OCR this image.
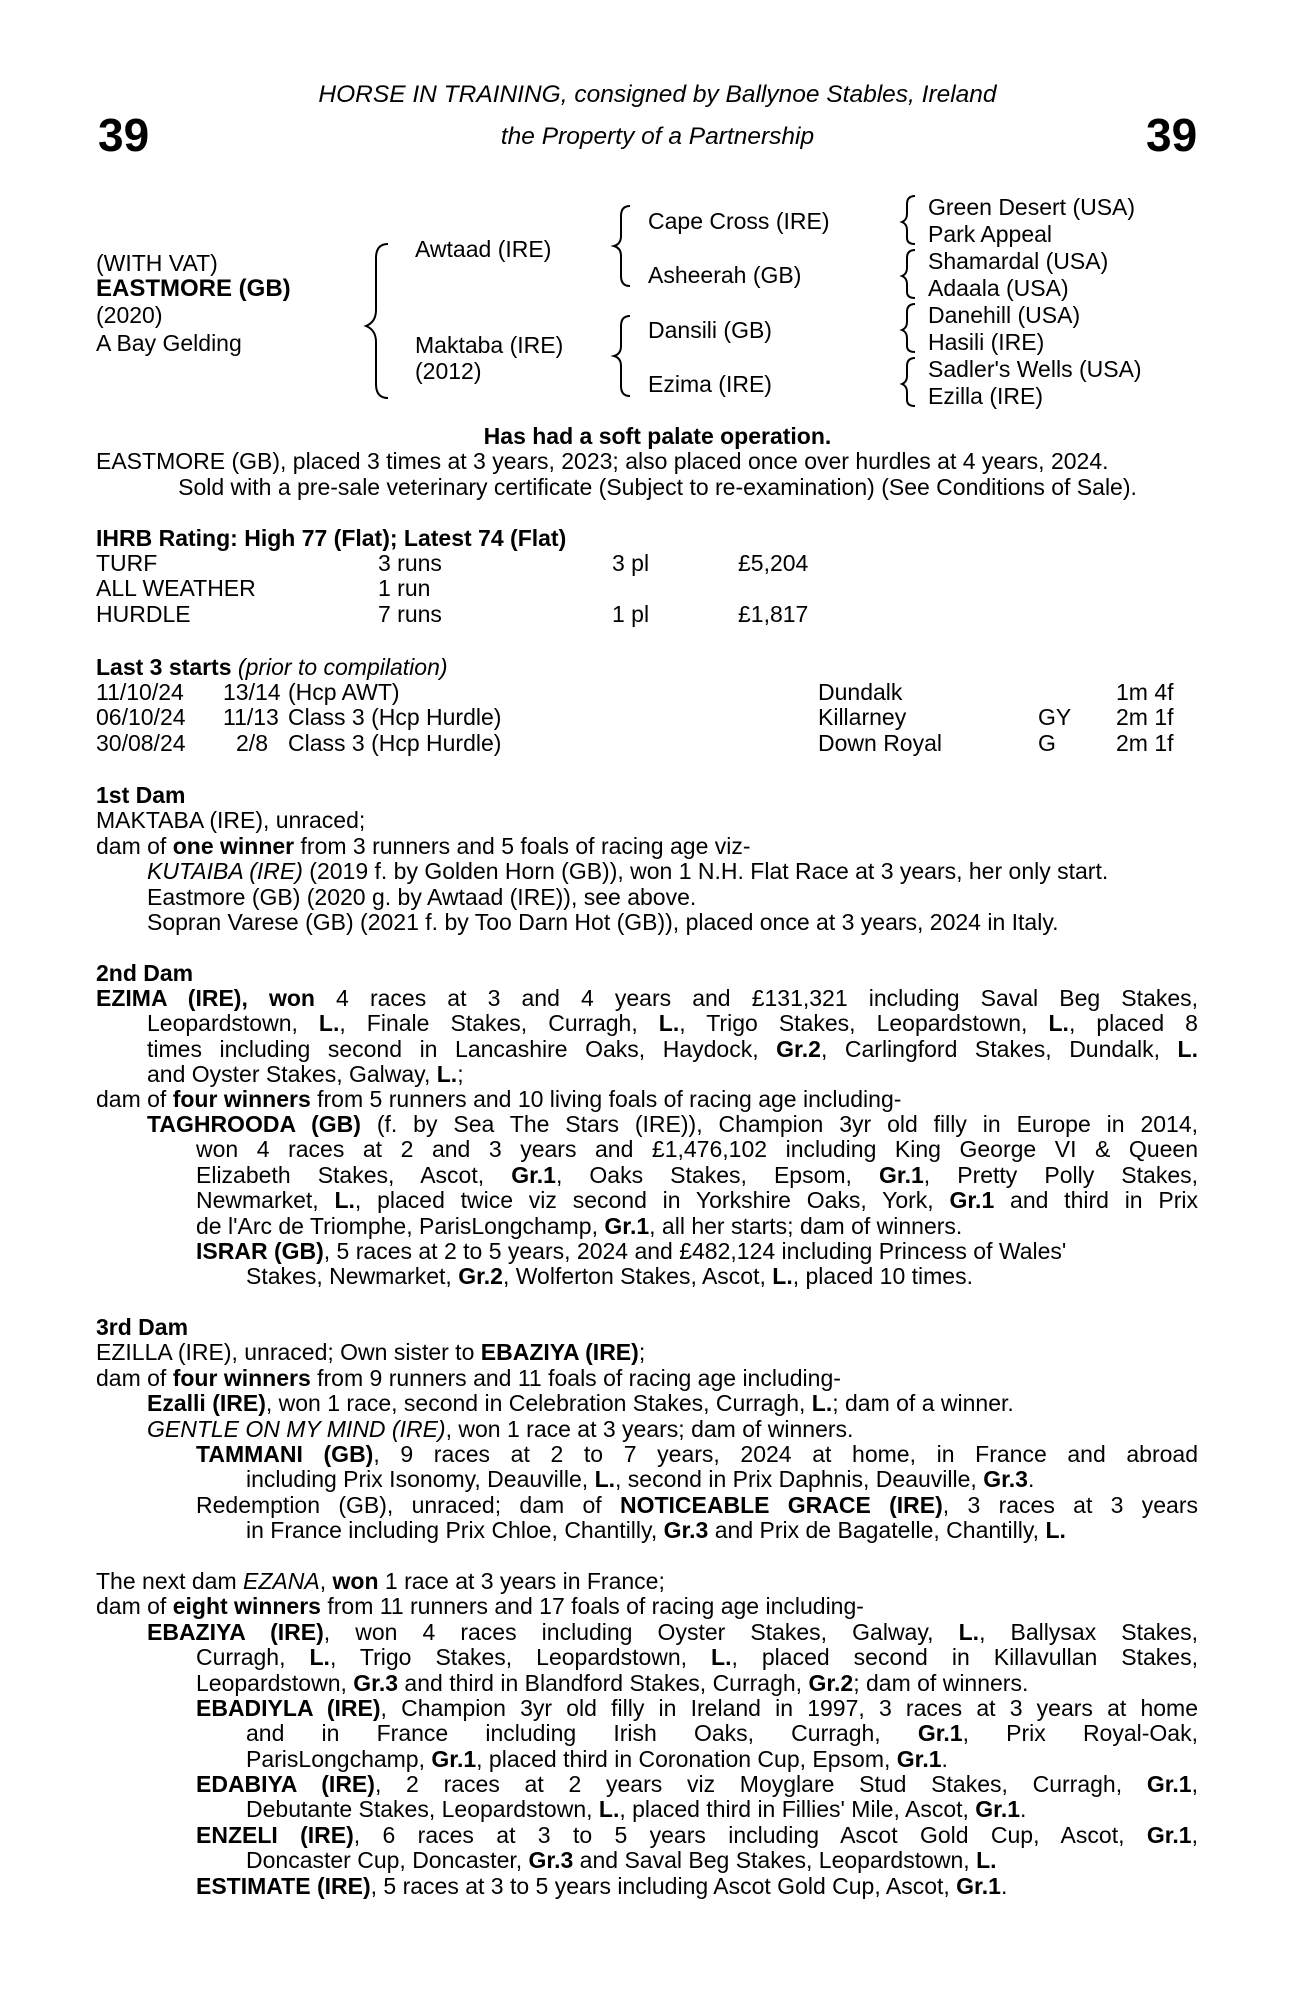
39	39
HORSE IN TRAINING, consigned by Ballynoe Stables, Ireland
the Property of a Partnership
(WITH VAT)
EASTMORE (GB)
(2020)
A Bay Gelding
Awtaad (IRE)
Maktaba (IRE)
(2012)
Cape Cross (IRE)
Asheerah (GB)
Dansili (GB)
Ezima (IRE)
Green Desert (USA)
Park Appeal
Shamardal (USA)
Adaala (USA)
Danehill (USA)
Hasili (IRE)
Sadler's Wells (USA)
Ezilla (IRE)
Has had a soft palate operation.
EASTMORE (GB), placed 3 times at 3 years, 2023; also placed once over hurdles at 4 years, 2024.
Sold with a pre-sale veterinary certificate (Subject to re-examination) (See Conditions of Sale).
IHRB Rating: High 77 (Flat); Latest 74 (Flat)
TURF	3 runs	3 pl	£5,204
ALL WEATHER	1 run
HURDLE	7 runs	1 pl	£1,817
Last 3 starts (prior to compilation)
11/10/24 13/14 (Hcp AWT)	Dundalk	1m 4f
06/10/24 11/13 Class 3 (Hcp Hurdle)	Killarney	GY 2m 1f
30/08/24	2/8 Class 3 (Hcp Hurdle)	Down Royal	G	2m 1f
1st Dam
MAKTABA (IRE), unraced;
dam of one winner from 3 runners and 5 foals of racing age viz-
KUTAIBA (IRE) (2019 f. by Golden Horn (GB)), won 1 N.H. Flat Race at 3 years, her only start.
Eastmore (GB) (2020 g. by Awtaad (IRE)), see above.
Sopran Varese (GB) (2021 f. by Too Darn Hot (GB)), placed once at 3 years, 2024 in Italy.
2nd Dam

EZIMA (IRE), won 4 races at 3 and 4 years and £131,321 including Saval Beg Stakes,

Leopardstown, L., Finale Stakes, Curragh, L., Trigo Stakes, Leopardstown, L., placed 8

times including second in Lancashire Oaks, Haydock, Gr.2, Carlingford Stakes, Dundalk, L.

and Oyster Stakes, Galway, L.;

dam of four winners from 5 runners and 10 living foals of racing age including-

TAGHROODA (GB) (f. by Sea The Stars (IRE)), Champion 3yr old filly in Europe in 2014,

won 4 races at 2 and 3 years and £1,476,102 including King George VI & Queen

Elizabeth Stakes, Ascot, Gr.1, Oaks Stakes, Epsom, Gr.1, Pretty Polly Stakes,

Newmarket, L., placed twice viz second in Yorkshire Oaks, York, Gr.1 and third in Prix

de l'Arc de Triomphe, ParisLongchamp, Gr.1, all her starts; dam of winners.

ISRAR (GB), 5 races at 2 to 5 years, 2024 and £482,124 including Princess of Wales'
Stakes, Newmarket, Gr.2, Wolferton Stakes, Ascot, L., placed 10 times.
3rd Dam
EZILLA (IRE), unraced; Own sister to EBAZIYA (IRE);
dam of four winners from 9 runners and 11 foals of racing age including-
Ezalli (IRE), won 1 race, second in Celebration Stakes, Curragh, L.; dam of a winner.
GENTLE ON MY MIND (IRE), won 1 race at 3 years; dam of winners.

TAMMANI (GB), 9 races at 2 to 7 years, 2024 at home, in France and abroad

including Prix Isonomy, Deauville, L., second in Prix Daphnis, Deauville, Gr.3.

Redemption (GB), unraced; dam of NOTICEABLE GRACE (IRE), 3 races at 3 years

in France including Prix Chloe, Chantilly, Gr.3 and Prix de Bagatelle, Chantilly, L.
The next dam EZANA, won 1 race at 3 years in France;
dam of eight winners from 11 runners and 17 foals of racing age including-

EBAZIYA (IRE), won 4 races including Oyster Stakes, Galway, L., Ballysax Stakes,

Curragh, L., Trigo Stakes, Leopardstown, L., placed second in Killavullan Stakes,

Leopardstown, Gr.3 and third in Blandford Stakes, Curragh, Gr.2; dam of winners.

EBADIYLA (IRE), Champion 3yr old filly in Ireland in 1997, 3 races at 3 years at home

and in France including Irish Oaks, Curragh, Gr.1, Prix Royal-Oak,

ParisLongchamp, Gr.1, placed third in Coronation Cup, Epsom, Gr.1.

EDABIYA (IRE), 2 races at 2 years viz Moyglare Stud Stakes, Curragh, Gr.1,

Debutante Stakes, Leopardstown, L., placed third in Fillies' Mile, Ascot, Gr.1.

ENZELI (IRE), 6 races at 3 to 5 years including Ascot Gold Cup, Ascot, Gr.1,

Doncaster Cup, Doncaster, Gr.3 and Saval Beg Stakes, Leopardstown, L.
ESTIMATE (IRE), 5 races at 3 to 5 years including Ascot Gold Cup, Ascot, Gr.1.
